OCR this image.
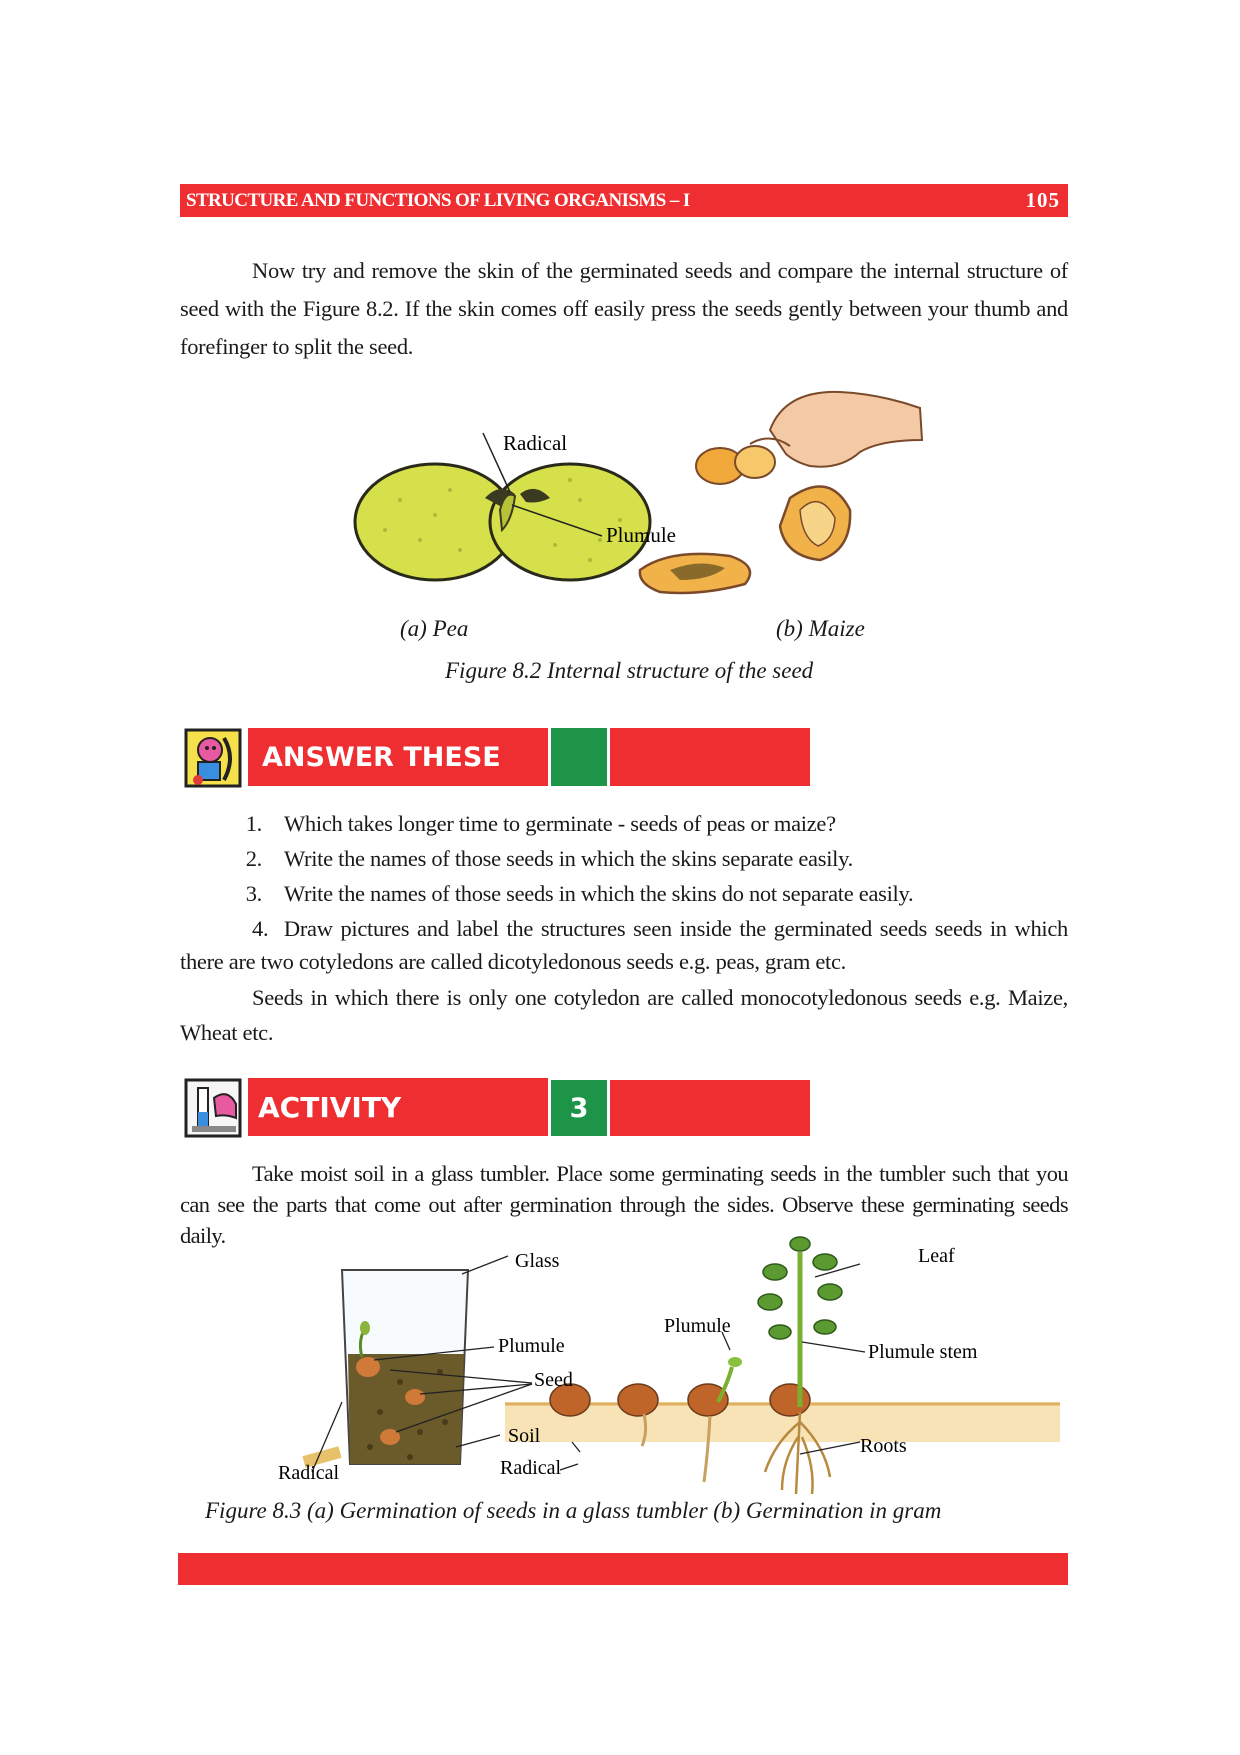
STRUCTURE AND FUNCTIONS OF LIVING ORGANISMS – I	105
Now try and remove the skin of the germinated seeds and compare the internal structure of seed with the Figure 8.2. If the skin comes off easily press the seeds gently between your thumb and forefinger to split the seed.
Radical
Plumule
(a) Pea	(b) Maize
Figure 8.2 Internal structure of the seed
ANSWER THESE
1. Which takes longer time to germinate - seeds of peas or maize?
2. Write the names of those seeds in which the skins separate easily.
3. Write the names of those seeds in which the skins do not separate easily.
4. Draw pictures and label the structures seen inside the germinated seeds seeds in which there are two cotyledons are called dicotyledonous seeds e.g. peas, gram etc.
Seeds in which there is only one cotyledon are called monocotyledonous seeds e.g. Maize, Wheat etc.
ACTIVITY	3
Take moist soil in a glass tumbler. Place some germinating seeds in the tumbler such that you can see the parts that come out after germination through the sides. Observe these germinating seeds daily.
Glass
Plumule
Seed
Soil
Radical	Radical
Plumule
Leaf
Plumule stem
Roots
Figure 8.3 (a) Germination of seeds in a glass tumbler (b) Germination in gram
